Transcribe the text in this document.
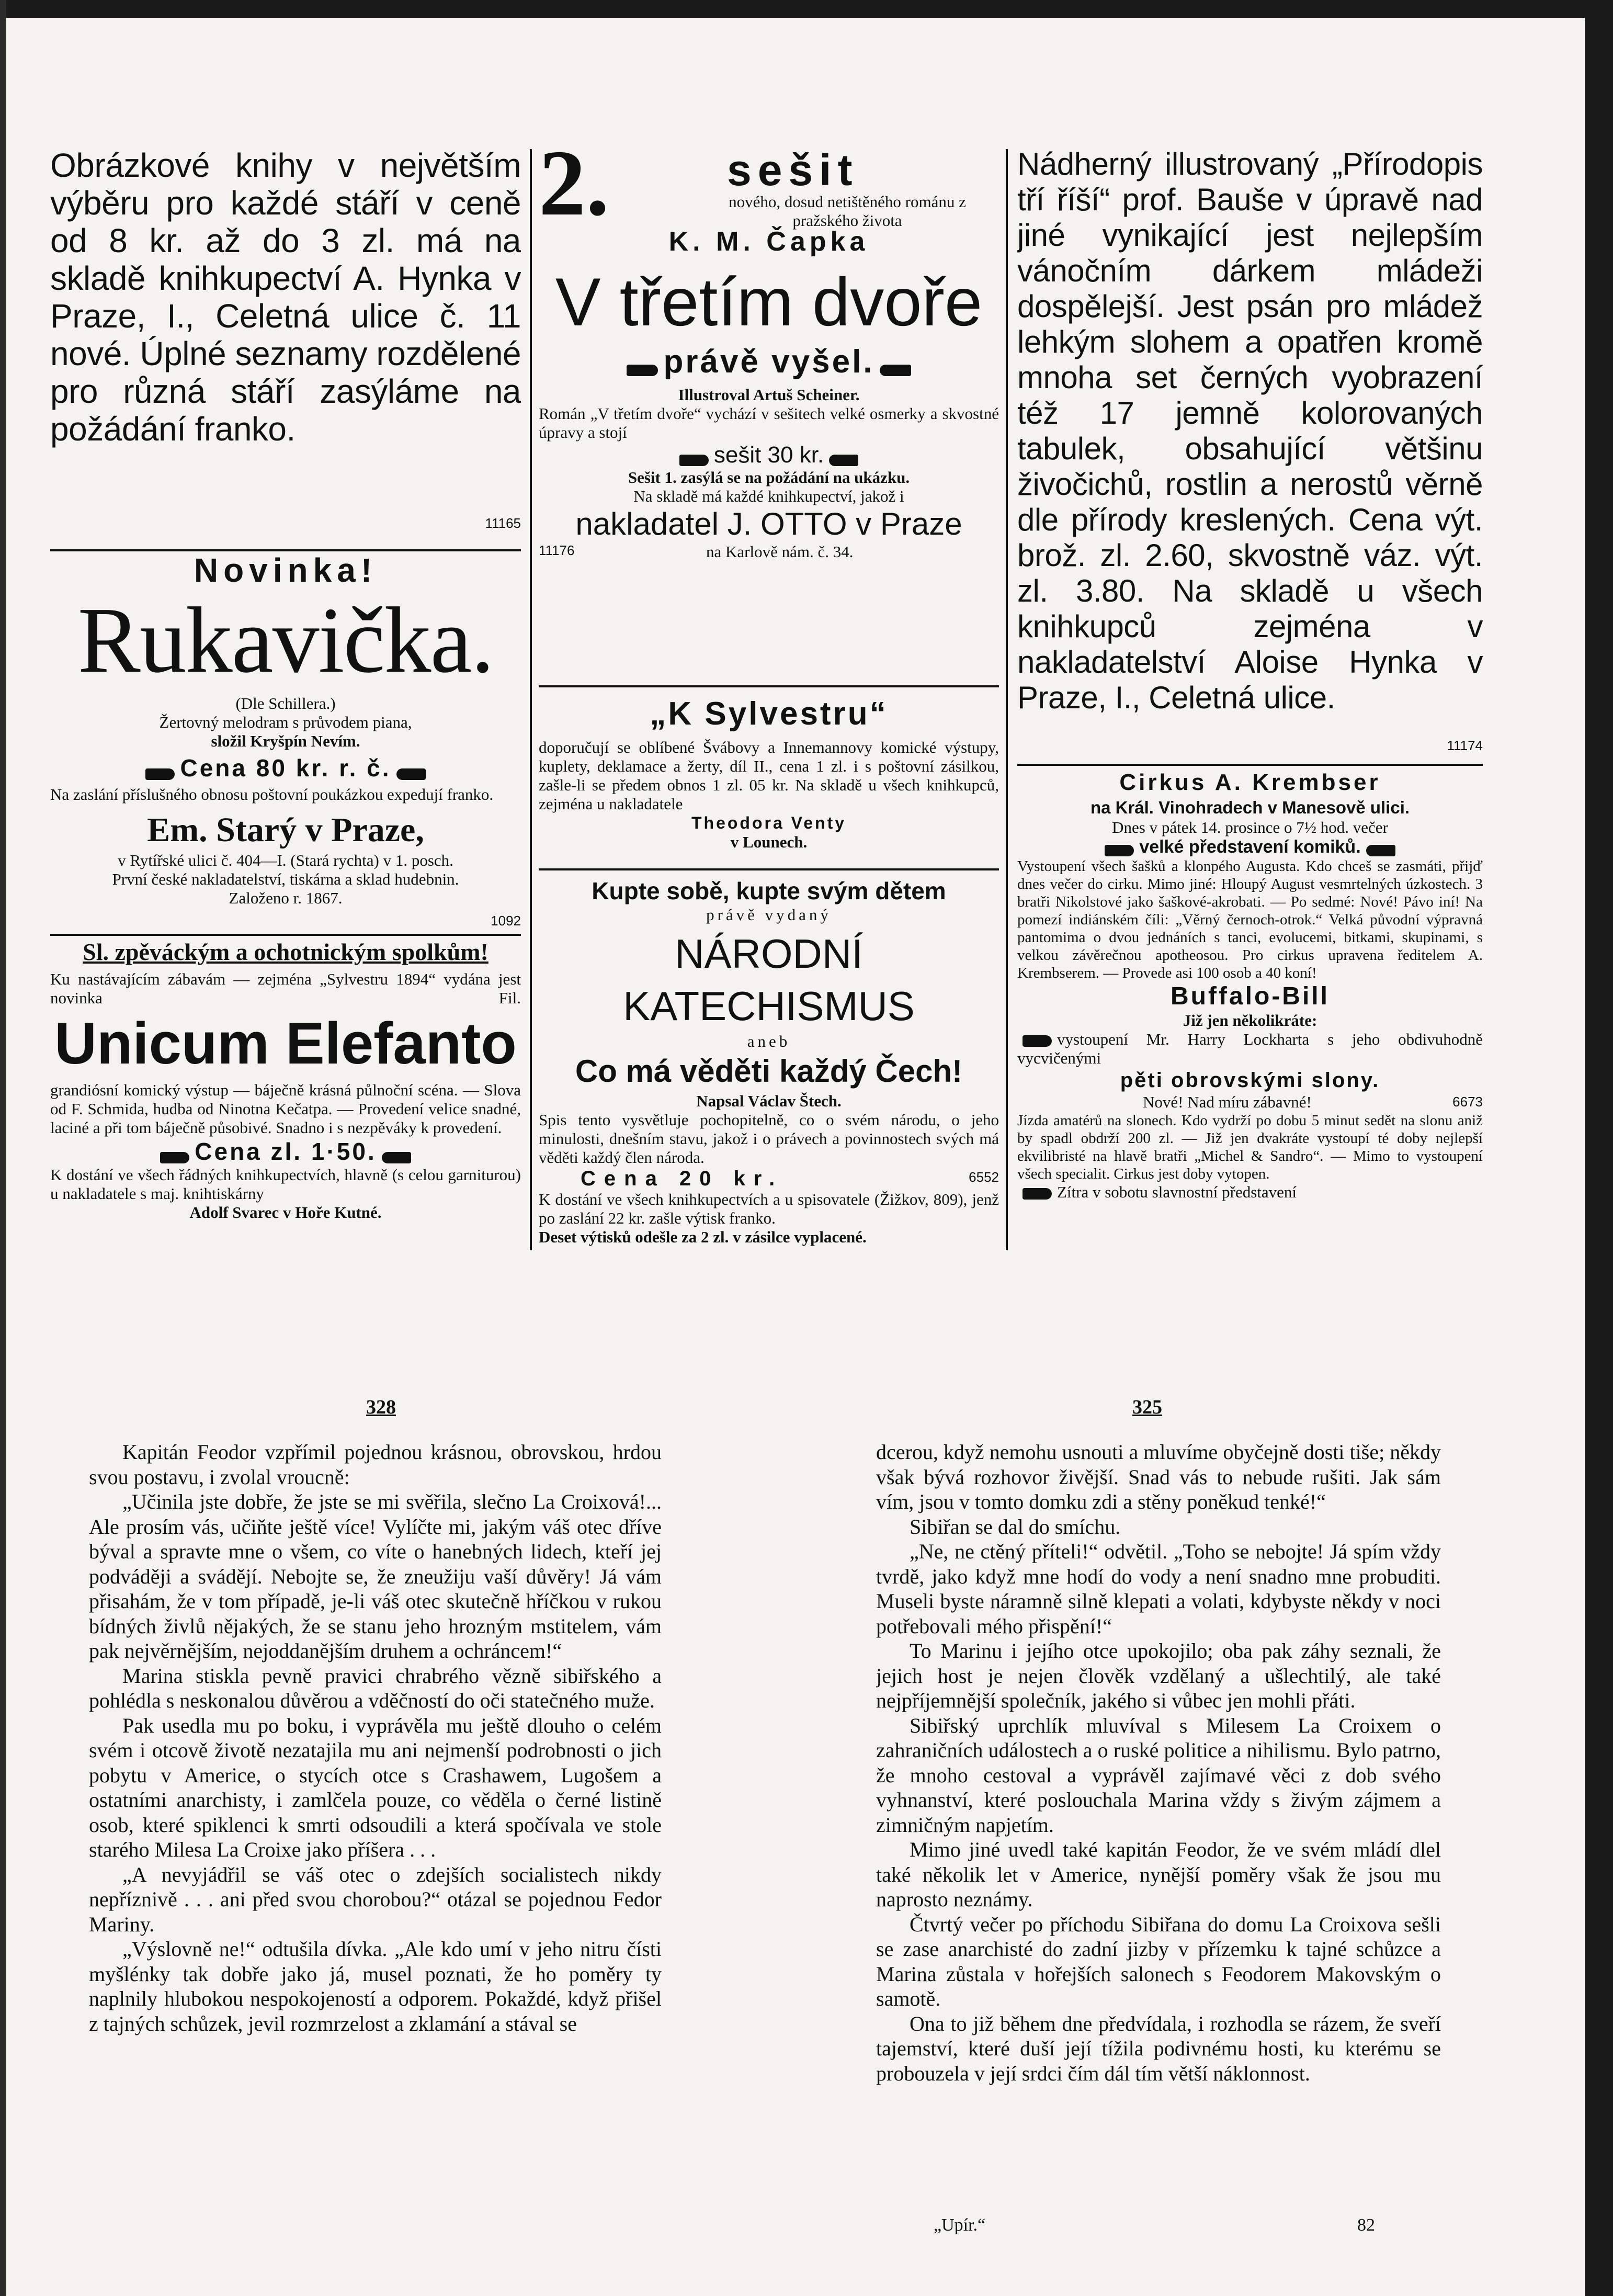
Obrázkové knihy v největším výběru pro každé stáří v ceně od 8 kr. až do 3 zl. má na skladě knihkupectví A. Hynka v Praze, I., Celetná ulice č. 11 nové. Úplné seznamy rozdělené pro různá stáří zasýláme na požádání franko.
11165
Novinka!
Rukavička.
(Dle Schillera.)
Žertovný melodram s průvodem piana,
složil Kryšpín Nevím.
Cena 80 kr. r. č.
Na zaslání příslušného obnosu poštovní poukázkou expedují franko.
Em. Starý v Praze,
v Rytířské ulici č. 404—I. (Stará rychta) v 1. posch.
První české nakladatelství, tiskárna a sklad hudebnin.
Založeno r. 1867.
1092
Sl. zpěváckým a ochotnickým spolkům!
Ku nastávajícím zábavám — zejména „Sylvestru 1894“ vydána jest novinka	Fil.
Unicum Elefanto
grandiósní komický výstup — báječně krásná půlnoční scéna. — Slova od F. Schmida, hudba od Ninotna Kečatpa. — Provedení velice snadné, laciné a při tom báječně působivé. Snadno i s nezpěváky k provedení.
Cena zl. 1·50.
K dostání ve všech řádných knihkupectvích, hlavně (s celou garniturou) u nakladatele s maj. knihtiskárny
Adolf Svarec v Hoře Kutné.
2.	sešit
nového, dosud netištěného románu z pražského života
K. M. Čapka
V třetím dvoře
právě vyšel.
Illustroval Artuš Scheiner.
Román „V třetím dvoře“ vychází v sešitech velké osmerky a skvostné úpravy a stojí
sešit 30 kr.
Sešit 1. zasýlá se na požádání na ukázku.
Na skladě má každé knihkupectví, jakož i
nakladatel J. OTTO v Praze
11176	na Karlově nám. č. 34.
„K Sylvestru“
doporučují se oblíbené Švábovy a Innemannovy komické výstupy, kuplety, deklamace a žerty, díl II., cena 1 zl. i s poštovní zásilkou, zašle-li se předem obnos 1 zl. 05 kr. Na skladě u všech knihkupců, zejména u nakladatele
Theodora Venty
v Lounech.
Kupte sobě, kupte svým dětem
právě vydaný
NÁRODNÍ KATECHISMUS
aneb
Co má věděti každý Čech!
Napsal Václav Štech.
Spis tento vysvětluje pochopitelně, co o svém národu, o jeho minulosti, dnešním stavu, jakož i o právech a povinnostech svých má věděti každý člen národa.
Cena 20 kr.	6552
K dostání ve všech knihkupectvích a u spisovatele (Žižkov, 809), jenž po zaslání 22 kr. zašle výtisk franko.
Deset výtisků odešle za 2 zl. v zásilce vyplacené.
Nádherný illustrovaný „Přírodopis tří říší“ prof. Bauše v úpravě nad jiné vynikající jest nejlepším vánočním dárkem mládeži dospělejší. Jest psán pro mládež lehkým slohem a opatřen kromě mnoha set černých vyobrazení též 17 jemně kolorovaných tabulek, obsahující většinu živočichů, rostlin a nerostů věrně dle přírody kreslených. Cena výt. brož. zl. 2.60, skvostně váz. výt. zl. 3.80. Na skladě u všech knihkupců zejména v nakladatelství Aloise Hynka v Praze, I., Celetná ulice.
11174
Cirkus A. Krembser
na Král. Vinohradech v Manesově ulici.
Dnes v pátek 14. prosince o 7½ hod. večer
velké představení komiků.
Vystoupení všech šašků a klonpého Augusta. Kdo chceš se zasmáti, přijď dnes večer do cirku. Mimo jiné: Hloupý August vesmrtelných úzkostech. 3 bratři Nikolstové jako šaškové-akrobati. — Po sedmé: Nové! Pávo iní! Na pomezí indiánském číli: „Věrný černoch-otrok.“ Velká původní výpravná pantomima o dvou jednáních s tanci, evolucemi, bitkami, skupinami, s velkou závěrečnou apotheosou. Pro cirkus upravena ředitelem A. Krembserem. — Provede asi 100 osob a 40 koní!
Buffalo-Bill
Již jen několikráte:
vystoupení Mr. Harry Lockharta s jeho obdivuhodně vycvičenými
pěti obrovskými slony.
Nové! Nad míru zábavné!	6673
Jízda amatérů na slonech. Kdo vydrží po dobu 5 minut sedět na slonu aniž by spadl obdrží 200 zl. — Již jen dvakráte vystoupí té doby nejlepší ekvilibristé na hlavě bratři „Michel & Sandro“. — Mimo to vystoupení všech specialit. Cirkus jest doby vytopen.
Zítra v sobotu slavnostní představení
328

Kapitán Feodor vzpřímil pojednou krásnou, obrovskou, hrdou svou postavu, i zvolal vroucně:

„Učinila jste dobře, že jste se mi svěřila, slečno La Croixová!... Ale prosím vás, učiňte ještě více! Vylíčte mi, jakým váš otec dříve býval a spravte mne o všem, co víte o hanebných lidech, kteří jej podváději a svádějí. Nebojte se, že zneužiju vaší důvěry! Já vám přisahám, že v tom případě, je-li váš otec skutečně hříčkou v rukou bídných živlů nějakých, že se stanu jeho hrozným mstitelem, vám pak nejvěrnějším, nejoddanějším druhem a ochráncem!“

Marina stiskla pevně pravici chrabrého vězně sibiřského a pohlédla s neskonalou důvěrou a vděčností do oči statečného muže.

Pak usedla mu po boku, i vyprávěla mu ještě dlouho o celém svém i otcově životě nezatajila mu ani nejmenší podrobnosti o jich pobytu v Americe, o stycích otce s Crashawem, Lugošem a ostatními anarchisty, i zamlčela pouze, co věděla o černé listině osob, které spiklenci k smrti odsoudili a která spočívala ve stole starého Milesa La Croixe jako příšera . . .

„A nevyjádřil se váš otec o zdejších socialistech nikdy nepříznivě . . . ani před svou chorobou?“ otázal se pojednou Fedor Mariny.

„Výslovně ne!“ odtušila dívka. „Ale kdo umí v jeho nitru čísti myšlénky tak dobře jako já, musel poznati, že ho poměry ty naplnily hlubokou nespokojeností a odporem. Pokaždé, když přišel z tajných schůzek, jevil rozmrzelost a zklamání a stával se

325

dcerou, když nemohu usnouti a mluvíme obyčejně dosti tiše; někdy však bývá rozhovor živější. Snad vás to nebude rušiti. Jak sám vím, jsou v tomto domku zdi a stěny poněkud tenké!“

Sibiřan se dal do smíchu.

„Ne, ne ctěný příteli!“ odvětil. „Toho se nebojte! Já spím vždy tvrdě, jako když mne hodí do vody a není snadno mne probuditi. Museli byste náramně silně klepati a volati, kdybyste někdy v noci potřebovali mého přispění!“

To Marinu i jejího otce upokojilo; oba pak záhy seznali, že jejich host je nejen člověk vzdělaný a ušlechtilý, ale také nejpříjemnější společník, jakého si vůbec jen mohli přáti.

Sibiřský uprchlík mluvíval s Milesem La Croixem o zahraničních událostech a o ruské politice a nihilismu. Bylo patrno, že mnoho cestoval a vyprávěl zajímavé věci z dob svého vyhnanství, které poslouchala Marina vždy s živým zájmem a zimničným napjetím.

Mimo jiné uvedl také kapitán Feodor, že ve svém mládí dlel také několik let v Americe, nynější poměry však že jsou mu naprosto neznámy.

Čtvrtý večer po příchodu Sibiřana do domu La Croixova sešli se zase anarchisté do zadní jizby v přízemku k tajné schůzce a Marina zůstala v hořejších salonech s Feodorem Makovským o samotě.

Ona to již během dne předvídala, i rozhodla se rázem, že sveří tajemství, které duší její tížila podivnému hosti, ku kterému se probouzela v její srdci čím dál tím větší náklonnost.

„Upír.“	82
